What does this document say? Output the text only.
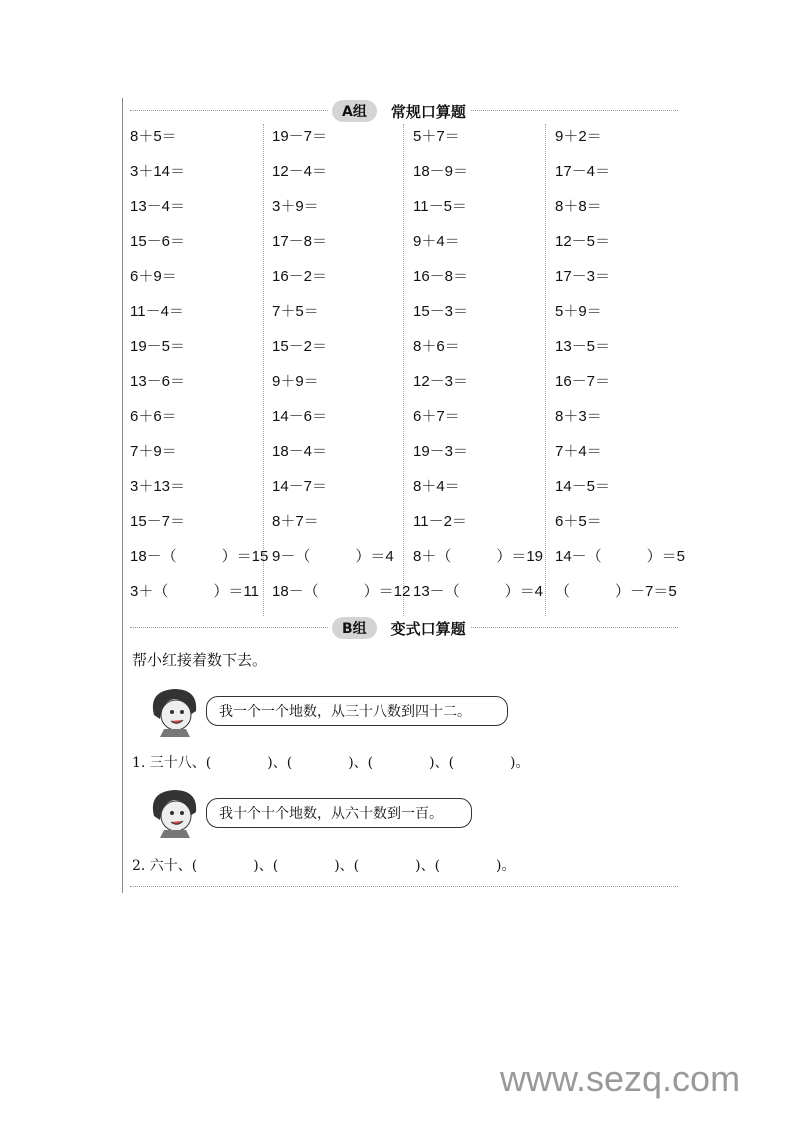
A组	常规口算题
8＋5＝
3＋14＝
13－4＝
15－6＝
6＋9＝
11－4＝
19－5＝
13－6＝
6＋6＝
7＋9＝
3＋13＝
15－7＝
18－（　　　）＝15
3＋（　　　）＝11
19－7＝
12－4＝
3＋9＝
17－8＝
16－2＝
7＋5＝
15－2＝
9＋9＝
14－6＝
18－4＝
14－7＝
8＋7＝
9－（　　　）＝4
18－（　　　）＝12
5＋7＝
18－9＝
11－5＝
9＋4＝
16－8＝
15－3＝
8＋6＝
12－3＝
6＋7＝
19－3＝
8＋4＝
11－2＝
8＋（　　　）＝19
13－（　　　）＝4
9＋2＝
17－4＝
8＋8＝
12－5＝
17－3＝
5＋9＝
13－5＝
16－7＝
8＋3＝
7＋4＝
14－5＝
6＋5＝
14－（　　　）＝5
（　　　）－7＝5
B组	变式口算题
帮小红接着数下去。
我一个一个地数，从三十八数到四十二。
1. 三十八、(　　　　)、(　　　　)、(　　　　)、(　　　　)。
我十个十个地数，从六十数到一百。
2. 六十、(　　　　)、(　　　　)、(　　　　)、(　　　　)。
www.sezq.com
